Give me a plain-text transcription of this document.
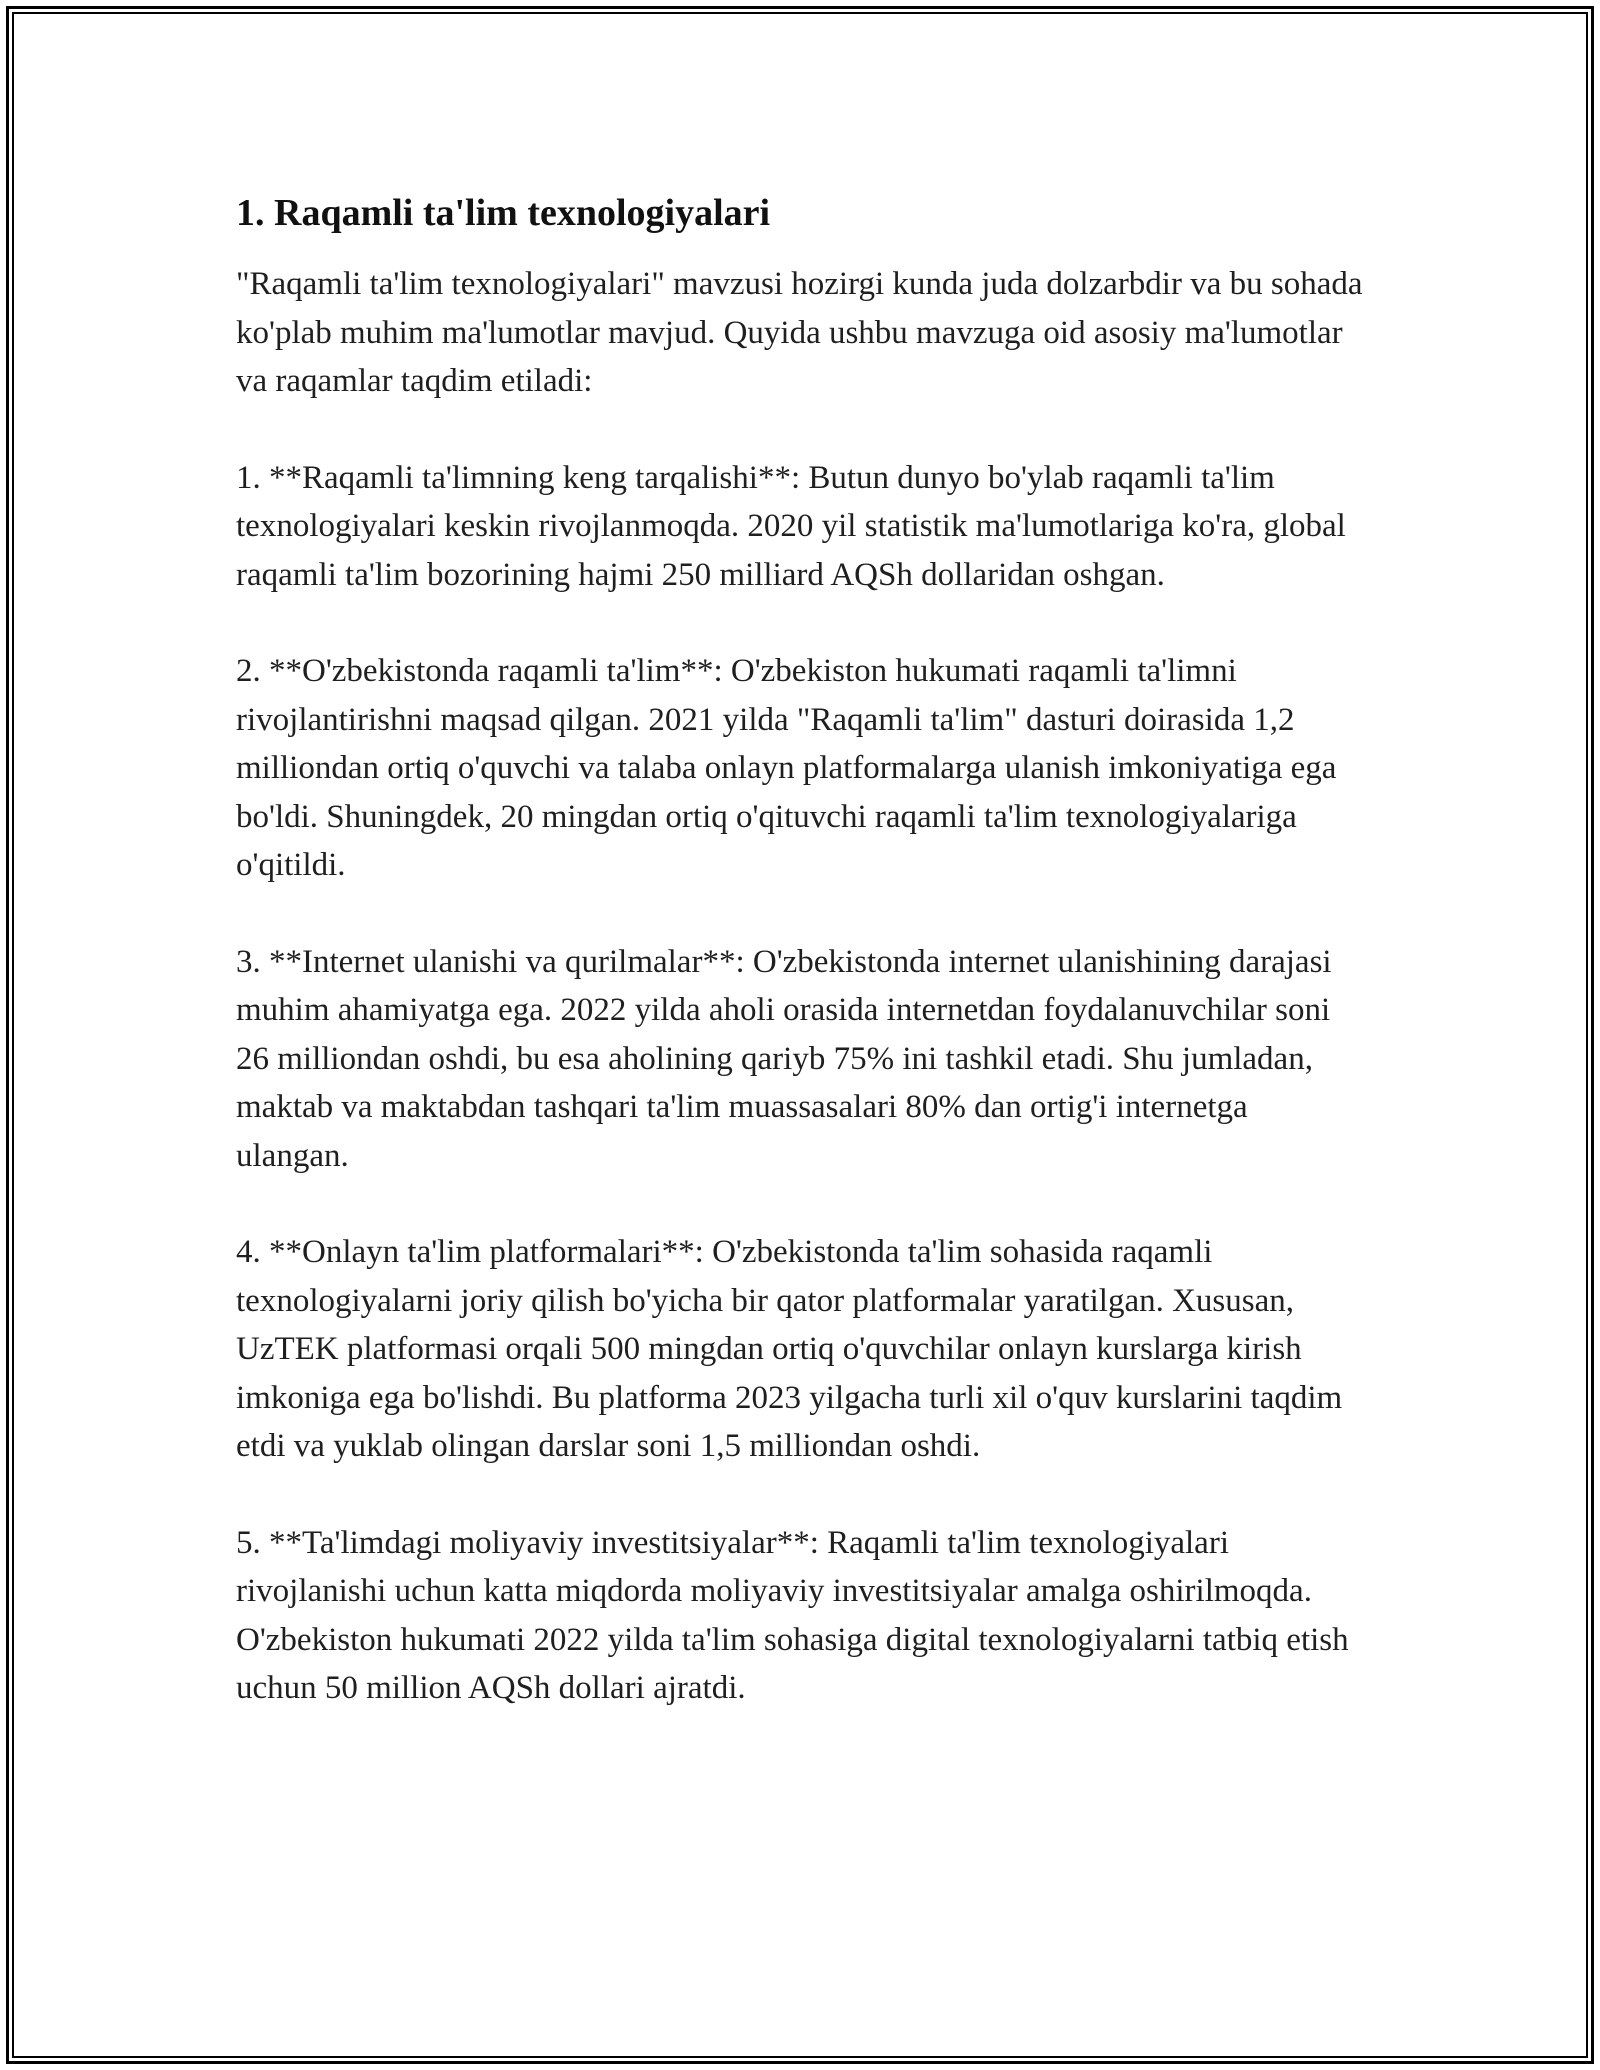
1. Raqamli ta'lim texnologiyalari

"Raqamli ta'lim texnologiyalari" mavzusi hozirgi kunda juda dolzarbdir va bu sohada ko'plab muhim ma'lumotlar mavjud. Quyida ushbu mavzuga oid asosiy ma'lumotlar va raqamlar taqdim etiladi:

1. **Raqamli ta'limning keng tarqalishi**: Butun dunyo bo'ylab raqamli ta'lim texnologiyalari keskin rivojlanmoqda. 2020 yil statistik ma'lumotlariga ko'ra, global raqamli ta'lim bozorining hajmi 250 milliard AQSh dollaridan oshgan.

2. **O'zbekistonda raqamli ta'lim**: O'zbekiston hukumati raqamli ta'limni rivojlantirishni maqsad qilgan. 2021 yilda "Raqamli ta'lim" dasturi doirasida 1,2 milliondan ortiq o'quvchi va talaba onlayn platformalarga ulanish imkoniyatiga ega bo'ldi. Shuningdek, 20 mingdan ortiq o'qituvchi raqamli ta'lim texnologiyalariga o'qitildi.

3. **Internet ulanishi va qurilmalar**: O'zbekistonda internet ulanishining darajasi muhim ahamiyatga ega. 2022 yilda aholi orasida internetdan foydalanuvchilar soni 26 milliondan oshdi, bu esa aholining qariyb 75% ini tashkil etadi. Shu jumladan, maktab va maktabdan tashqari ta'lim muassasalari 80% dan ortig'i internetga ulangan.

4. **Onlayn ta'lim platformalari**: O'zbekistonda ta'lim sohasida raqamli texnologiyalarni joriy qilish bo'yicha bir qator platformalar yaratilgan. Xususan, UzTEK platformasi orqali 500 mingdan ortiq o'quvchilar onlayn kurslarga kirish imkoniga ega bo'lishdi. Bu platforma 2023 yilgacha turli xil o'quv kurslarini taqdim etdi va yuklab olingan darslar soni 1,5 milliondan oshdi.

5. **Ta'limdagi moliyaviy investitsiyalar**: Raqamli ta'lim texnologiyalari rivojlanishi uchun katta miqdorda moliyaviy investitsiyalar amalga oshirilmoqda. O'zbekiston hukumati 2022 yilda ta'lim sohasiga digital texnologiyalarni tatbiq etish uchun 50 million AQSh dollari ajratdi.
